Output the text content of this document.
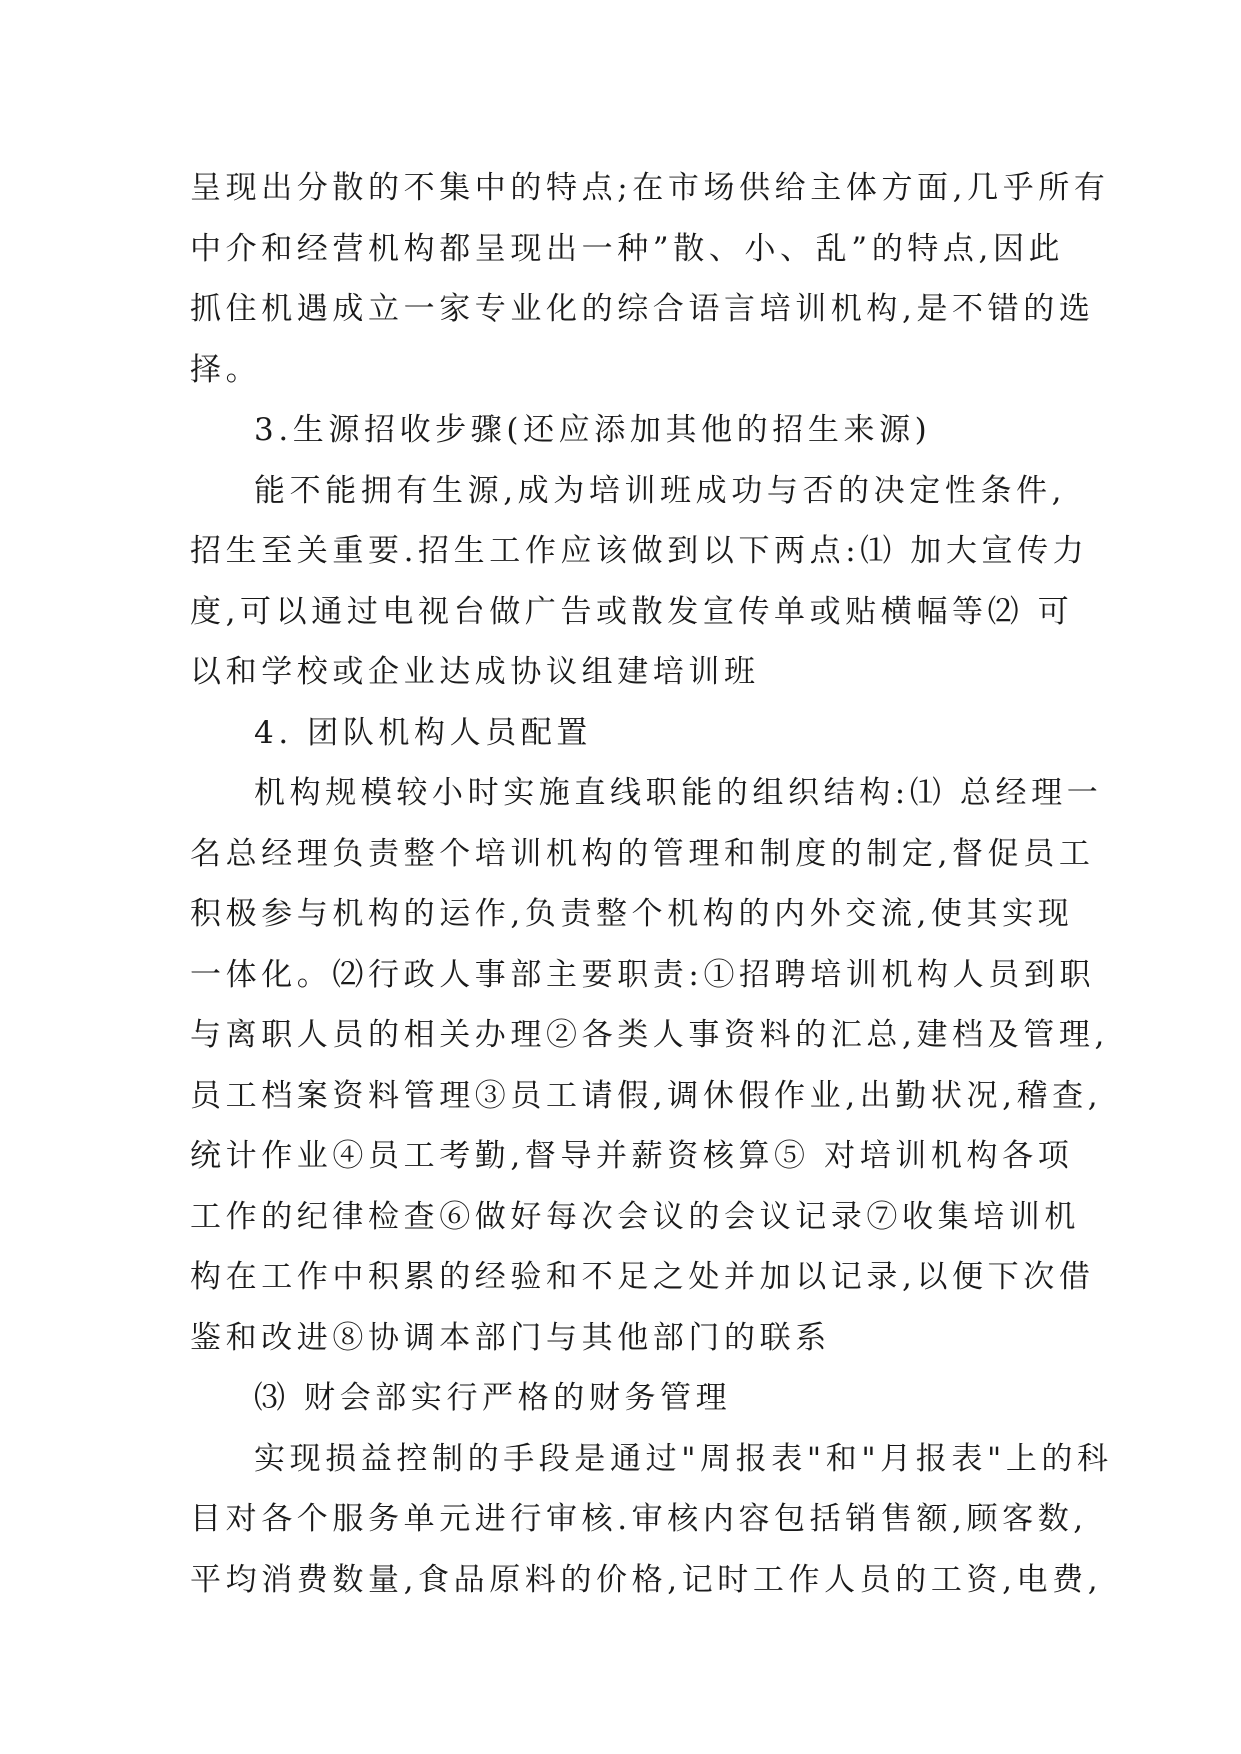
呈现出分散的不集中的特点;在市场供给主体方面,几乎所有
中介和经营机构都呈现出一种”散、小、乱”的特点,因此
抓住机遇成立一家专业化的综合语言培训机构,是不错的选
择。
3.生源招收步骤(还应添加其他的招生来源)
能不能拥有生源,成为培训班成功与否的决定性条件,
招生至关重要.招生工作应该做到以下两点:⑴ 加大宣传力
度,可以通过电视台做广告或散发宣传单或贴横幅等⑵ 可
以和学校或企业达成协议组建培训班
4. 团队机构人员配置
机构规模较小时实施直线职能的组织结构:⑴ 总经理一
名总经理负责整个培训机构的管理和制度的制定,督促员工
积极参与机构的运作,负责整个机构的内外交流,使其实现
一体化。⑵行政人事部主要职责:①招聘培训机构人员到职
与离职人员的相关办理②各类人事资料的汇总,建档及管理,
员工档案资料管理③员工请假,调休假作业,出勤状况,稽查,
统计作业④员工考勤,督导并薪资核算⑤ 对培训机构各项
工作的纪律检查⑥做好每次会议的会议记录⑦收集培训机
构在工作中积累的经验和不足之处并加以记录,以便下次借
鉴和改进⑧协调本部门与其他部门的联系
⑶ 财会部实行严格的财务管理
实现损益控制的手段是通过"周报表"和"月报表"上的科
目对各个服务单元进行审核.审核内容包括销售额,顾客数,
平均消费数量,食品原料的价格,记时工作人员的工资,电费,
